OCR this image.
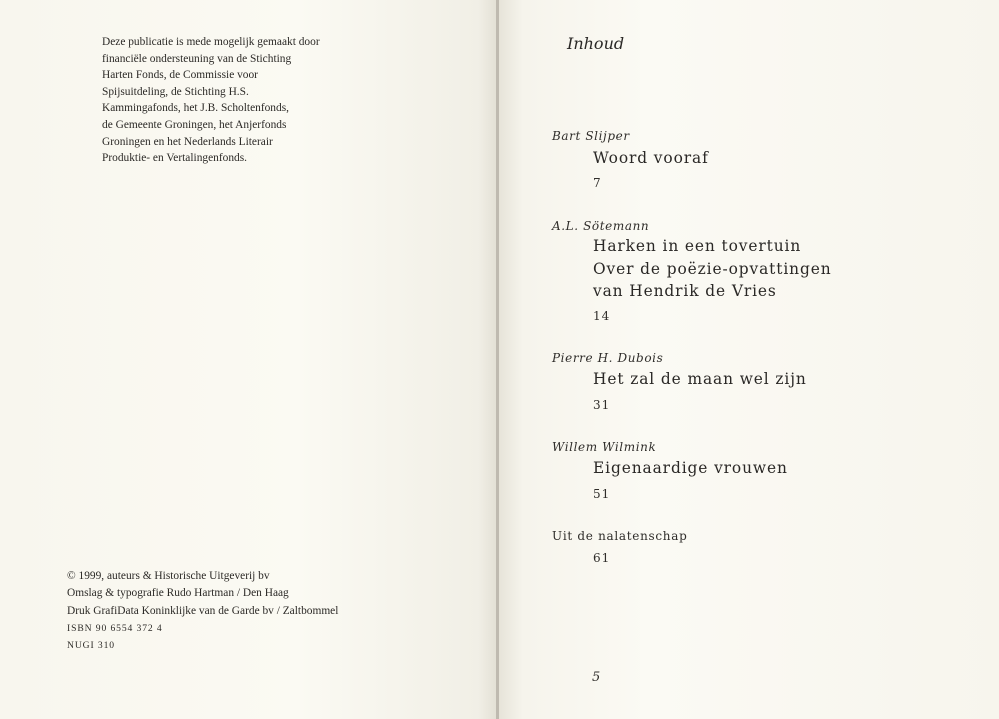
Deze publicatie is mede mogelijk gemaakt door
financiële ondersteuning van de Stichting
Harten Fonds, de Commissie voor
Spijsuitdeling, de Stichting H.S.
Kammingafonds, het J.B. Scholtenfonds,
de Gemeente Groningen, het Anjerfonds
Groningen en het Nederlands Literair
Produktie- en Vertalingenfonds.
© 1999, auteurs & Historische Uitgeverij bv
Omslag & typografie Rudo Hartman / Den Haag
Druk GrafiData Koninklijke van de Garde bv / Zaltbommel
ISBN 90 6554 372 4
NUGI 310
Inhoud
Bart Slijper
Woord vooraf
7
A.L. Sötemann
Harken in een tovertuin
Over de poëzie-opvattingen
van Hendrik de Vries
14
Pierre H. Dubois
Het zal de maan wel zijn
31
Willem Wilmink
Eigenaardige vrouwen
51
Uit de nalatenschap
61
5
